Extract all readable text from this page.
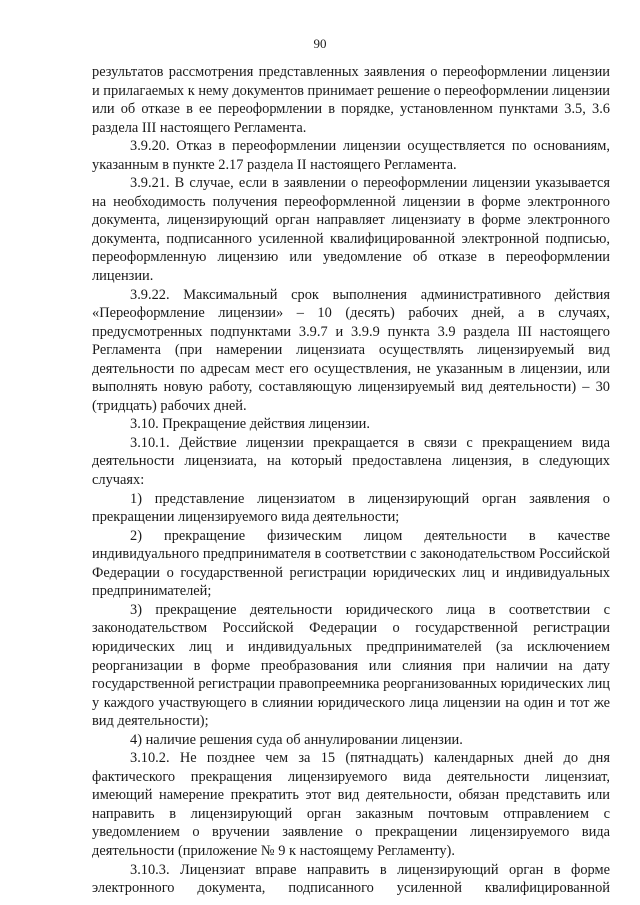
90

результатов рассмотрения представленных заявления о переоформлении лицензии и прилагаемых к нему документов принимает решение о переоформлении лицензии или об отказе в ее переоформлении в порядке, установленном пунктами 3.5, 3.6 раздела III настоящего Регламента.

3.9.20. Отказ в переоформлении лицензии осуществляется по основаниям, указанным в пункте 2.17 раздела II настоящего Регламента.

3.9.21. В случае, если в заявлении о переоформлении лицензии указывается на необходимость получения переоформленной лицензии в форме электронного документа, лицензирующий орган направляет лицензиату в форме электронного документа, подписанного усиленной квалифицированной электронной подписью, переоформленную лицензию или уведомление об отказе в переоформлении лицензии.

3.9.22. Максимальный срок выполнения административного действия «Переоформление лицензии» – 10 (десять) рабочих дней, а в случаях, предусмотренных подпунктами 3.9.7 и 3.9.9 пункта 3.9 раздела III настоящего Регламента (при намерении лицензиата осуществлять лицензируемый вид деятельности по адресам мест его осуществления, не указанным в лицензии, или выполнять новую работу, составляющую лицензируемый вид деятельности) – 30 (тридцать) рабочих дней.

3.10. Прекращение действия лицензии.

3.10.1. Действие лицензии прекращается в связи с прекращением вида деятельности лицензиата, на который предоставлена лицензия, в следующих случаях:

1) представление лицензиатом в лицензирующий орган заявления о прекращении лицензируемого вида деятельности;

2) прекращение физическим лицом деятельности в качестве индивидуального предпринимателя в соответствии с законодательством Российской Федерации о государственной регистрации юридических лиц и индивидуальных предпринимателей;

3) прекращение деятельности юридического лица в соответствии с законодательством Российской Федерации о государственной регистрации юридических лиц и индивидуальных предпринимателей (за исключением реорганизации в форме преобразования или слияния при наличии на дату государственной регистрации правопреемника реорганизованных юридических лиц у каждого участвующего в слиянии юридического лица лицензии на один и тот же вид деятельности);

4) наличие решения суда об аннулировании лицензии.

3.10.2. Не позднее чем за 15 (пятнадцать) календарных дней до дня фактического прекращения лицензируемого вида деятельности лицензиат, имеющий намерение прекратить этот вид деятельности, обязан представить или направить в лицензирующий орган заказным почтовым отправлением с уведомлением о вручении заявление о прекращении лицензируемого вида деятельности (приложение № 9 к настоящему Регламенту).

3.10.3. Лицензиат вправе направить в лицензирующий орган в форме электронного документа, подписанного усиленной квалифицированной
